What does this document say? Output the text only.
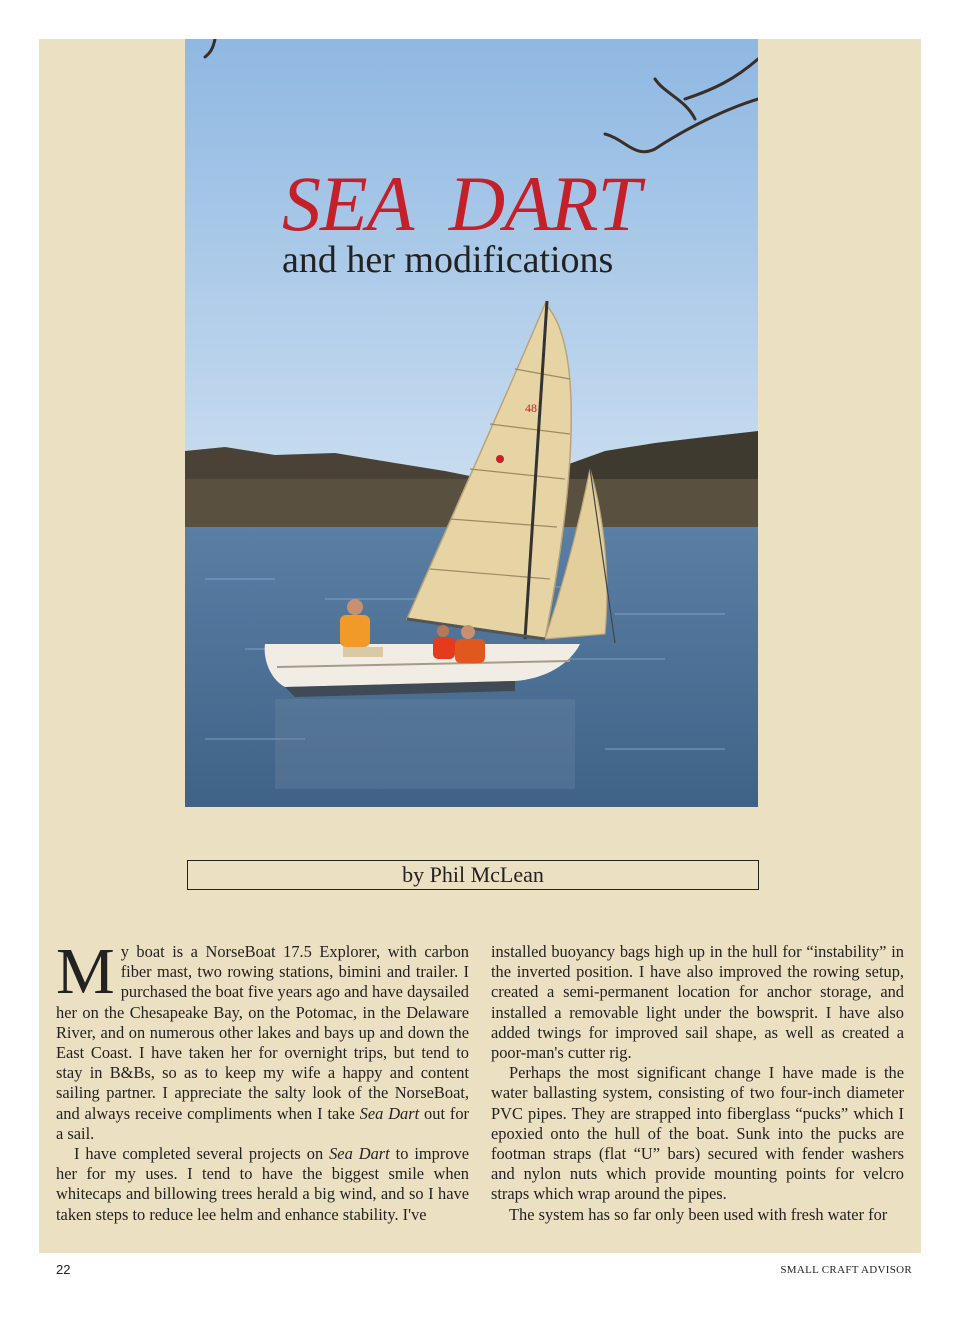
48
SEA  DART
and her modifications
by Phil McLean

My boat is a NorseBoat 17.5 Explorer, with carbon fiber mast, two rowing stations, bimini and trailer. I purchased the boat five years ago and have daysailed her on the Chesapeake Bay, on the Potomac, in the Delaware River, and on numerous other lakes and bays up and down the East Coast. I have taken her for overnight trips, but tend to stay in B&Bs, so as to keep my wife a happy and content sailing partner. I appreciate the salty look of the NorseBoat, and always receive compliments when I take Sea Dart out for a sail.

I have completed several projects on Sea Dart to improve her for my uses. I tend to have the biggest smile when whitecaps and billowing trees herald a big wind, and so I have taken steps to reduce lee helm and enhance stability. I've

installed buoyancy bags high up in the hull for “instability” in the inverted position. I have also improved the rowing setup, created a semi-permanent location for anchor storage, and installed a removable light under the bowsprit. I have also added twings for improved sail shape, as well as created a poor-man's cutter rig.

Perhaps the most significant change I have made is the water ballasting system, consisting of two four-inch diameter PVC pipes. They are strapped into fiberglass “pucks” which I epoxied onto the hull of the boat. Sunk into the pucks are footman straps (flat “U” bars) secured with fender washers and nylon nuts which provide mounting points for velcro straps which wrap around the pipes.

The system has so far only been used with fresh water for

22	SMALL CRAFT ADVISOR
